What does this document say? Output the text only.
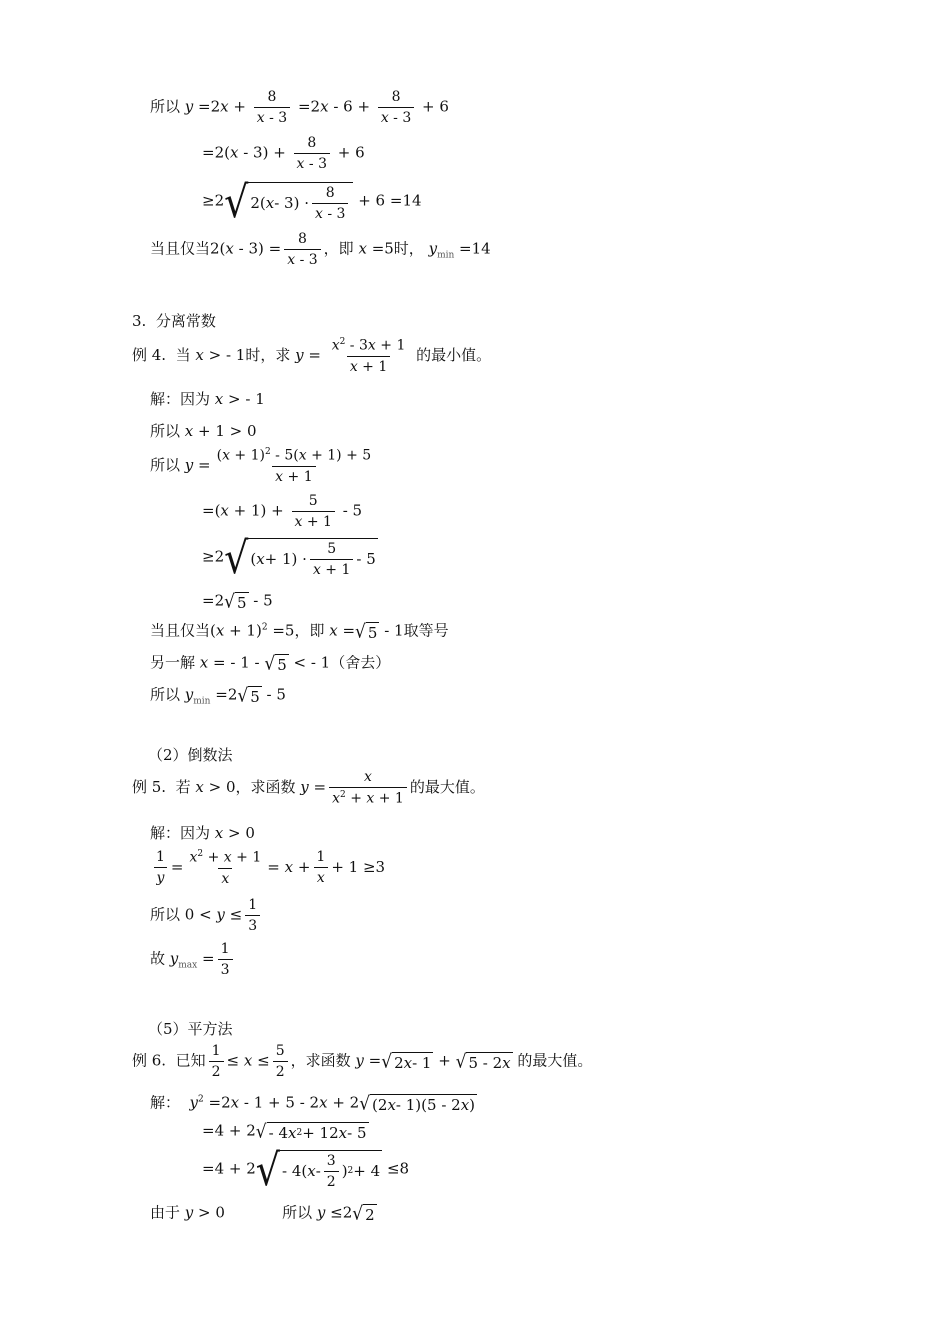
所以 $y =2x + \frac{8}{x - 3} =2x - 6 + \frac{8}{x - 3} + 6$
$=2(x - 3) + \frac{8}{x - 3} + 6$
≥2 √ 2( $x - 3) \cdot \frac{8}{x - 3} + 6 =14$
当且仅当$2(x - 3) = \frac{8}{x - 3}$ ，即 x =5时， $y_{min} =14$
3.  分离常数
例 4.  当 x > - 1时，求 $y = \frac{x^2 - 3x + 1}{x + 1}$ 的最小值。
解：因为 x > - 1
所以 x + 1 > 0
所以 $y = \frac{(x + 1)^2 - 5(x + 1) + 5}{x + 1}$
$=(x + 1) + \frac{5}{x + 1} - 5$
≥2 √ ( $x + 1) \cdot \frac{5}{x + 1} - 5$
=2 √ 5 - 5
当且仅当$(x + 1)^2 =5$，即 x = √ 5 - 1取等号
另一解 x = - 1 - √ 5 < - 1（舍去）
所以 $y_{min} =2$ √ 5 - 5
（2）倒数法
例 5.  若 x > 0，求函数 $y = \frac{x}{x^2 + x + 1}$ 的最大值。
解：因为 x > 0
$\frac{1}{y} = \frac{x^2 + x + 1}{x} = x + \frac{1}{x} + 1 \ge 3$
所以 $0 < y \le \frac{1}{3}$
故 $y_{max} = \frac{1}{3}$
（5）平方法
例 6.  已知 $\frac{1}{2} \le x \le \frac{5}{2}$ ，求函数 y = √ 2 x - 1 + √ 5 - 2 x 的最大值。
解：  $y^2 =2x - 1 + 5 - 2x + 2$ √ (2 x - 1)(5 - 2 x )
=4 + 2 √ - 4 x 2 + 12 x - 5
=4 + 2 √ - 4( x - $\frac{3}{2}$ ) 2 + 4 ≤8
由于 y > 0            所以 y ≤2 √ 2
